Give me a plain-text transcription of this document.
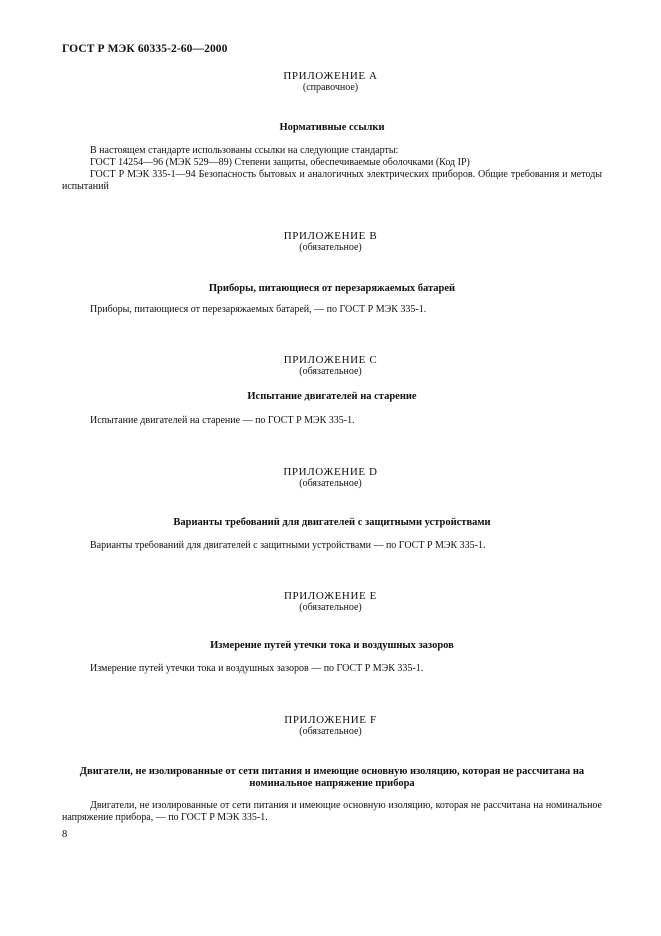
ГОСТ Р МЭК 60335-2-60—2000
ПРИЛОЖЕНИЕ А
(справочное)
Нормативные ссылки
В настоящем стандарте использованы ссылки на следующие стандарты:
ГОСТ 14254—96 (МЭК 529—89) Степени защиты, обеспечиваемые оболочками (Код IP)
ГОСТ Р МЭК 335-1—94 Безопасность бытовых и аналогичных электрических приборов. Общие требования и методы испытаний
ПРИЛОЖЕНИЕ В
(обязательное)
Приборы, питающиеся от перезаряжаемых батарей
Приборы, питающиеся от перезаряжаемых батарей, — по ГОСТ Р МЭК 335-1.
ПРИЛОЖЕНИЕ С
(обязательное)
Испытание двигателей на старение
Испытание двигателей на старение — по ГОСТ Р МЭК 335-1.
ПРИЛОЖЕНИЕ D
(обязательное)
Варианты требований для двигателей с защитными устройствами
Варианты требований для двигателей с защитными устройствами — по ГОСТ Р МЭК 335-1.
ПРИЛОЖЕНИЕ Е
(обязательное)
Измерение путей утечки тока и воздушных зазоров
Измерение путей утечки тока и воздушных зазоров — по ГОСТ Р МЭК 335-1.
ПРИЛОЖЕНИЕ F
(обязательное)
Двигатели, не изолированные от сети питания и имеющие основную изоляцию, которая не рассчитана на номинальное напряжение прибора
Двигатели, не изолированные от сети питания и имеющие основную изоляцию, которая не рассчитана на номинальное напряжение прибора, — по ГОСТ Р МЭК 335-1.
8
